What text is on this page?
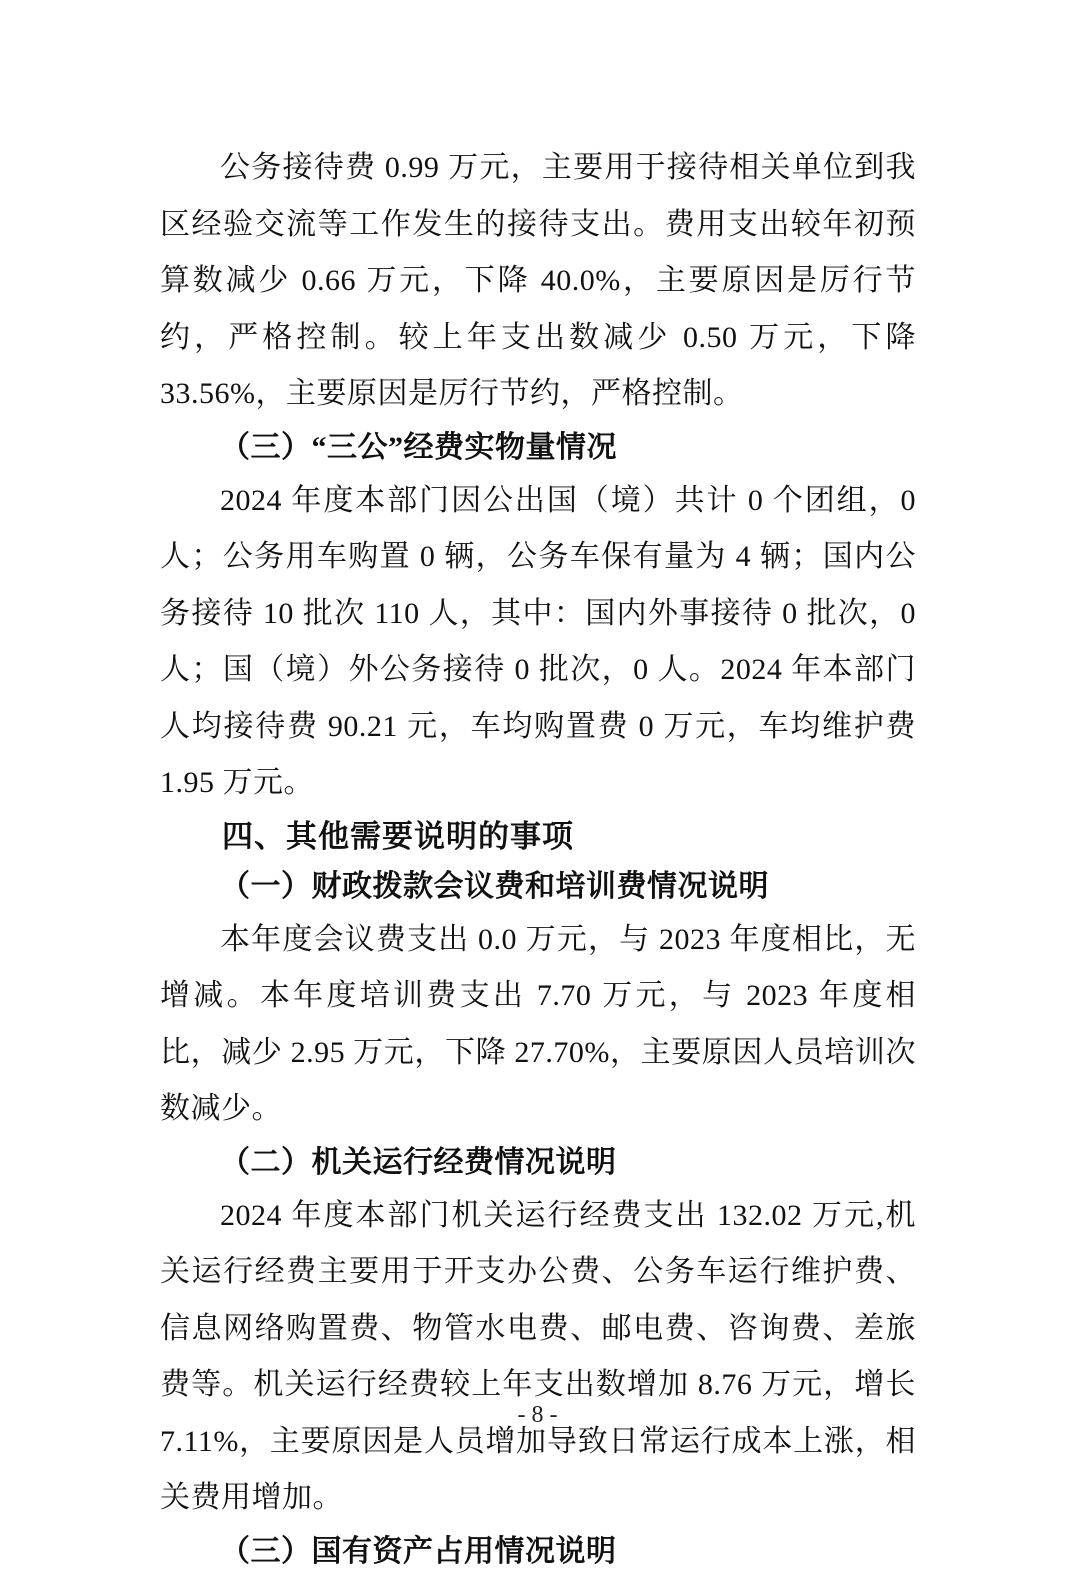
公务接待费 0.99 万元，主要用于接待相关单位到我区经验交流等工作发生的接待支出。费用支出较年初预算数减少 0.66 万元，下降 40.0%，主要原因是厉行节约，严格控制。较上年支出数减少 0.50 万元，下降 33.56%，主要原因是厉行节约，严格控制。

（三）“三公”经费实物量情况

2024 年度本部门因公出国（境）共计 0 个团组，0 人；公务用车购置 0 辆，公务车保有量为 4 辆；国内公务接待 10 批次 110 人，其中：国内外事接待 0 批次，0 人；国（境）外公务接待 0 批次，0 人。2024 年本部门人均接待费 90.21 元，车均购置费 0 万元，车均维护费 1.95 万元。

四、其他需要说明的事项
（一）财政拨款会议费和培训费情况说明

本年度会议费支出 0.0 万元，与 2023 年度相比，无增减。本年度培训费支出 7.70 万元，与 2023 年度相比，减少 2.95 万元，下降 27.70%，主要原因人员培训次数减少。

（二）机关运行经费情况说明

2024 年度本部门机关运行经费支出 132.02 万元,机关运行经费主要用于开支办公费、公务车运行维护费、信息网络购置费、物管水电费、邮电费、咨询费、差旅费等。机关运行经费较上年支出数增加 8.76 万元，增长 7.11%，主要原因是人员增加导致日常运行成本上涨，相关费用增加。

（三）国有资产占用情况说明
- 8 -
